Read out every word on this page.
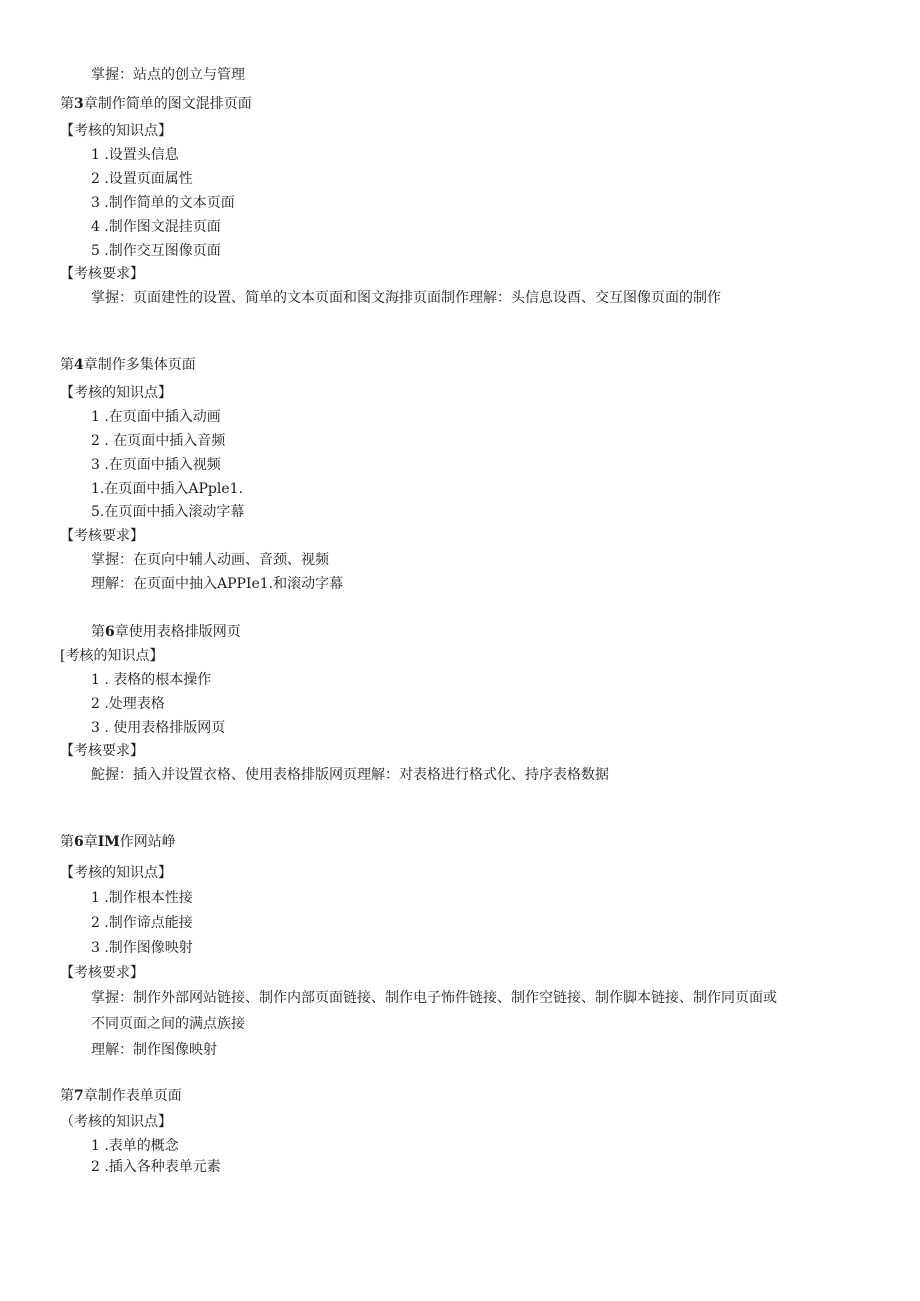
掌握：站点的创立与管理
第3章制作简单的图文混排页面
【考核的知识点】
1 .设置头信息
2 .设置页面属性
3 .制作简单的文本页面
4 .制作图文混挂页面
5 .制作交互图像页面
【考核要求】
掌握：页面建性的设置、简单的文本页面和图文海排页面制作理解：头信息设酉、交互图像页面的制作
第4章制作多集体页面
【考核的知识点】
1 .在页面中插入动画
2 . 在页面中插入音频
3 .在页面中插入视频
1.在页面中插入APple1.
5.在页面中插入滚动字幕
【考核要求】
掌握：在页向中辅人动画、音颈、视频
理解：在页面中抽入APPIe1.和滚动字幕
第6章使用表格排版网页
[考核的知识点】
1 . 表格的根本操作
2 .处理表格
3 . 使用表格排版网页
【考核要求】
鮀握：插入并设置衣格、使用表格排版网页理解：对表格进行格式化、持序表格数据
第6章IM作网站峥
【考核的知识点】
1 .制作根本性接
2 .制作谛点能接
3 .制作图像映射
【考核要求】
掌握：制作外部网站链接、制作内部页面链接、制作电子怖件链接、制作空链接、制作脚本链接、制作同页面或
不同页面之间的满点族接
理解：制作图像映射
第7章制作表单页面
（考核的知识点】
1 .表单的概念
2 .插入各种表单元素
